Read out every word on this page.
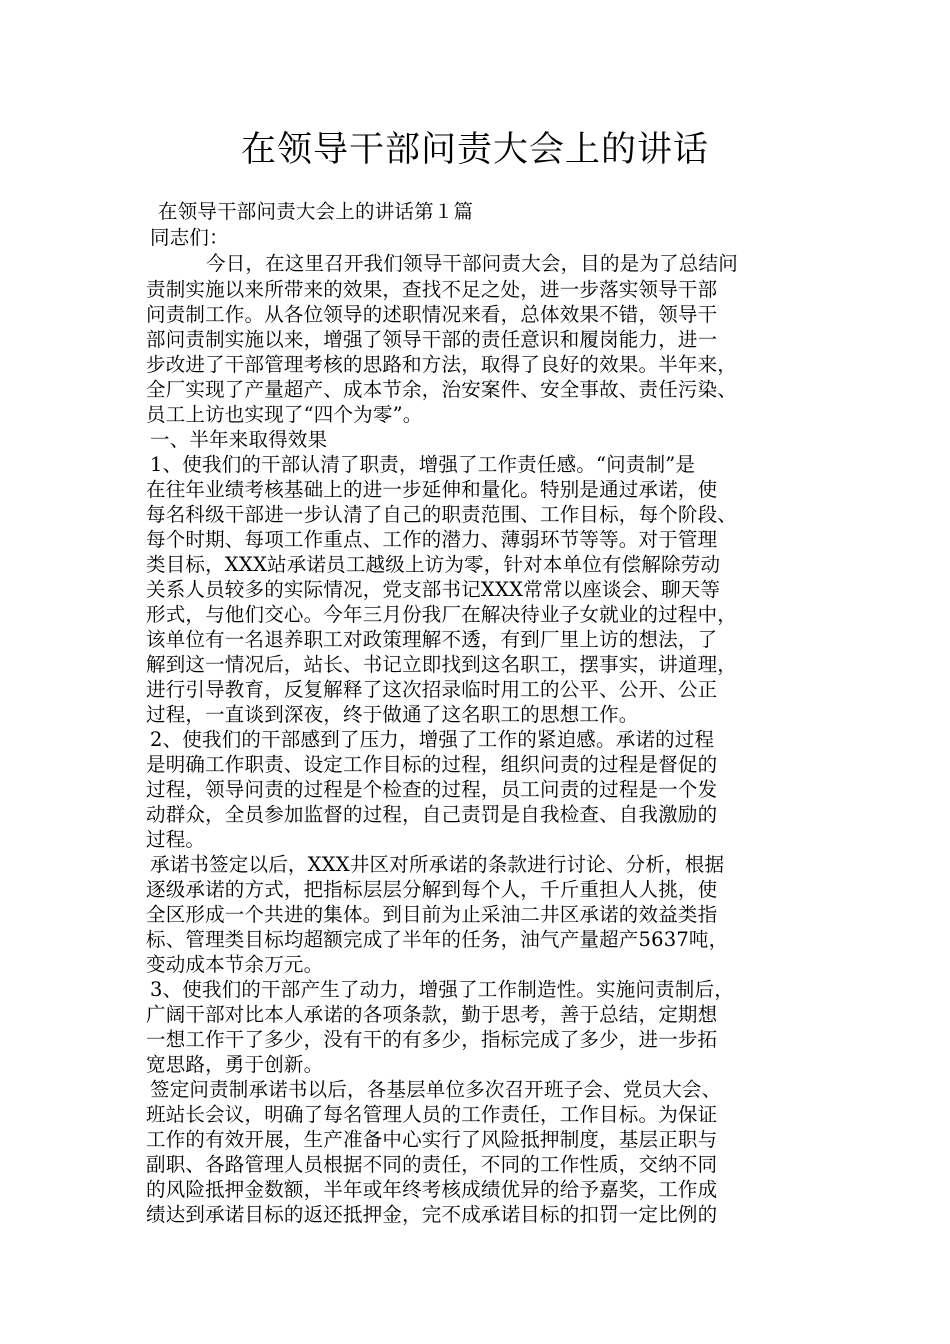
在领导干部问责大会上的讲话
在领导干部问责大会上的讲话第１篇
同志们：
今日，在这里召开我们领导干部问责大会，目的是为了总结问
责制实施以来所带来的效果，查找不足之处，进一步落实领导干部
问责制工作。从各位领导的述职情况来看，总体效果不错，领导干
部问责制实施以来，增强了领导干部的责任意识和履岗能力，进一
步改进了干部管理考核的思路和方法，取得了良好的效果。半年来，
全厂实现了产量超产、成本节余，治安案件、安全事故、责任污染、
员工上访也实现了“四个为零”。
一、半年来取得效果
1、使我们的干部认清了职责，增强了工作责任感。“问责制”是
在往年业绩考核基础上的进一步延伸和量化。特别是通过承诺，使
每名科级干部进一步认清了自己的职责范围、工作目标，每个阶段、
每个时期、每项工作重点、工作的潜力、薄弱环节等等。对于管理
类目标，XXX站承诺员工越级上访为零，针对本单位有偿解除劳动
关系人员较多的实际情况，党支部书记XXX常常以座谈会、聊天等
形式，与他们交心。今年三月份我厂在解决待业子女就业的过程中，
该单位有一名退养职工对政策理解不透，有到厂里上访的想法，了
解到这一情况后，站长、书记立即找到这名职工，摆事实，讲道理，
进行引导教育，反复解释了这次招录临时用工的公平、公开、公正
过程，一直谈到深夜，终于做通了这名职工的思想工作。
2、使我们的干部感到了压力，增强了工作的紧迫感。承诺的过程
是明确工作职责、设定工作目标的过程，组织问责的过程是督促的
过程，领导问责的过程是个检查的过程，员工问责的过程是一个发
动群众，全员参加监督的过程，自己责罚是自我检查、自我激励的
过程。
承诺书签定以后，XXX井区对所承诺的条款进行讨论、分析，根据
逐级承诺的方式，把指标层层分解到每个人，千斤重担人人挑，使
全区形成一个共进的集体。到目前为止采油二井区承诺的效益类指
标、管理类目标均超额完成了半年的任务，油气产量超产5637吨，
变动成本节余万元。
3、使我们的干部产生了动力，增强了工作制造性。实施问责制后，
广阔干部对比本人承诺的各项条款，勤于思考，善于总结，定期想
一想工作干了多少，没有干的有多少，指标完成了多少，进一步拓
宽思路，勇于创新。
签定问责制承诺书以后，各基层单位多次召开班子会、党员大会、
班站长会议，明确了每名管理人员的工作责任，工作目标。为保证
工作的有效开展，生产准备中心实行了风险抵押制度，基层正职与
副职、各路管理人员根据不同的责任，不同的工作性质，交纳不同
的风险抵押金数额，半年或年终考核成绩优异的给予嘉奖，工作成
绩达到承诺目标的返还抵押金，完不成承诺目标的扣罚一定比例的
